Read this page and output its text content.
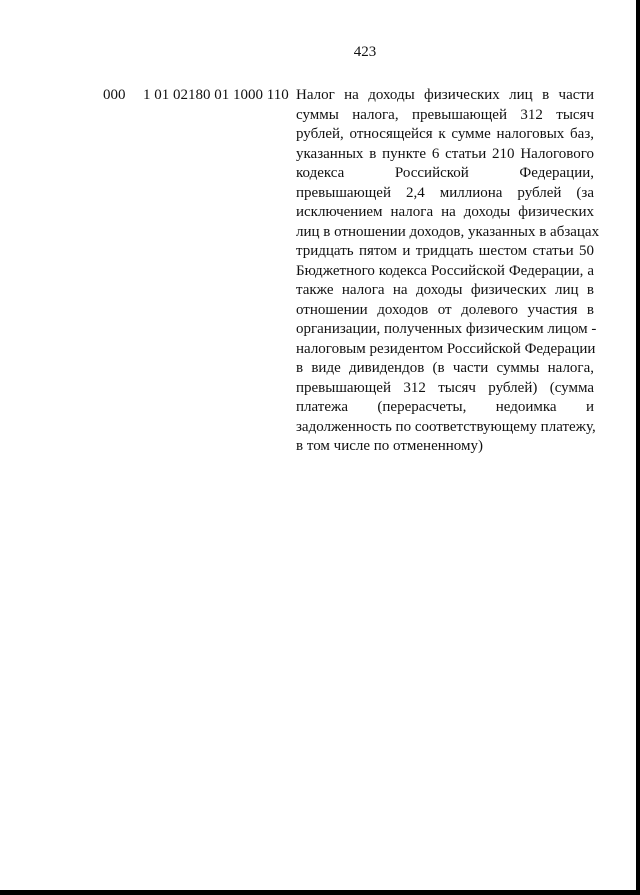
423
000 1 01 02180 01 1000 110 Налог на доходы физических лиц в части
суммы налога, превышающей 312 тысяч
рублей, относящейся к сумме налоговых баз,
указанных в пункте 6 статьи 210 Налогового
кодекса Российской Федерации,
превышающей 2,4 миллиона рублей (за
исключением налога на доходы физических
лиц в отношении доходов, указанных в абзацах
тридцать пятом и тридцать шестом статьи 50
Бюджетного кодекса Российской Федерации, а
также налога на доходы физических лиц в
отношении доходов от долевого участия в
организации, полученных физическим лицом -
налоговым резидентом Российской Федерации
в виде дивидендов (в части суммы налога,
превышающей 312 тысяч рублей) (сумма
платежа (перерасчеты, недоимка и
задолженность по соответствующему платежу,
в том числе по отмененному)
